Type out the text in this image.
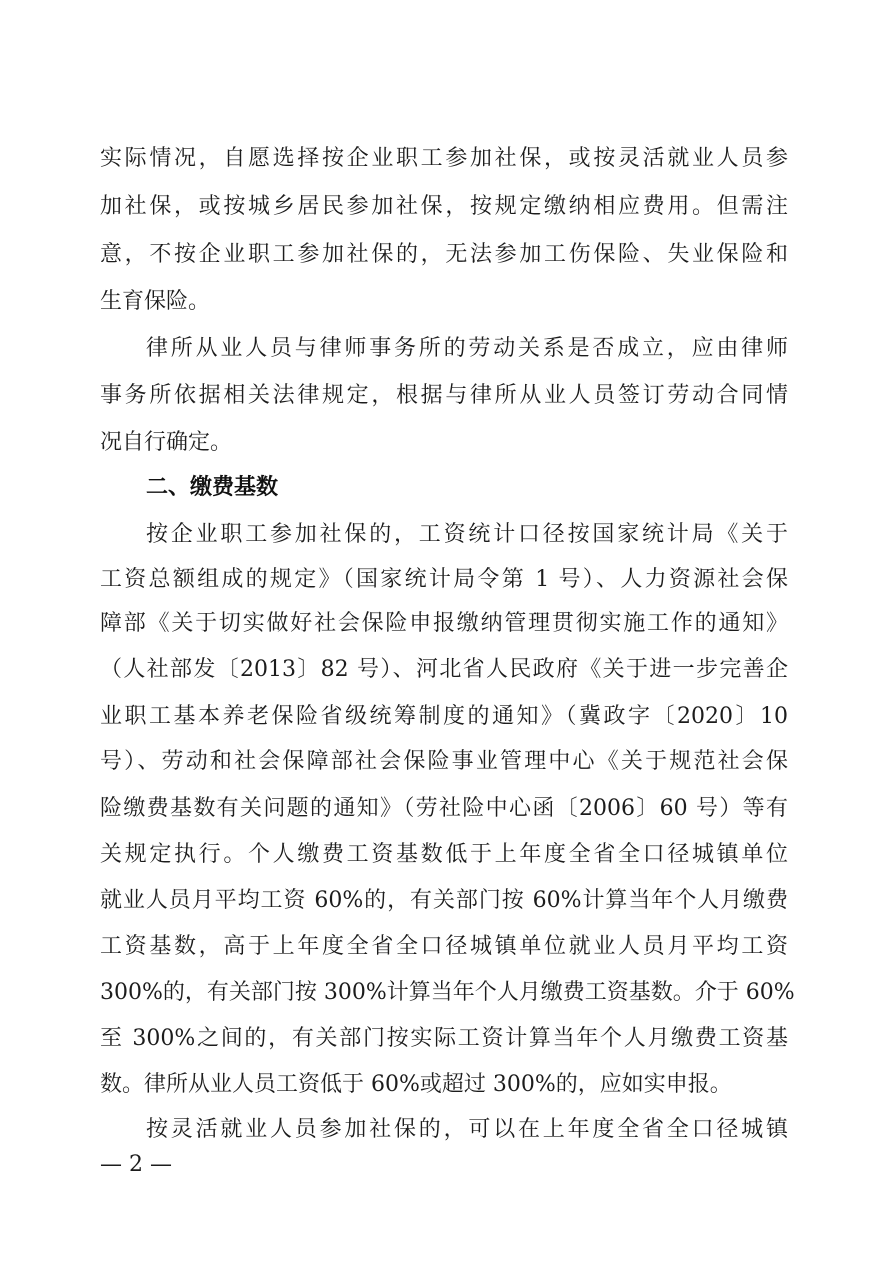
实际情况，自愿选择按企业职工参加社保，或按灵活就业人员参
加社保，或按城乡居民参加社保，按规定缴纳相应费用。但需注
意，不按企业职工参加社保的，无法参加工伤保险、失业保险和
生育保险。
律所从业人员与律师事务所的劳动关系是否成立，应由律师
事务所依据相关法律规定，根据与律所从业人员签订劳动合同情
况自行确定。
二、缴费基数
按企业职工参加社保的，工资统计口径按国家统计局《关于
工资总额组成的规定》（国家统计局令第 1 号）、人力资源社会保
障部《关于切实做好社会保险申报缴纳管理贯彻实施工作的通知》
（人社部发〔2013〕82 号）、河北省人民政府《关于进一步完善企
业职工基本养老保险省级统筹制度的通知》（冀政字〔2020〕10
号）、劳动和社会保障部社会保险事业管理中心《关于规范社会保
险缴费基数有关问题的通知》（劳社险中心函〔2006〕60 号）等有
关规定执行。个人缴费工资基数低于上年度全省全口径城镇单位
就业人员月平均工资 60%的，有关部门按 60%计算当年个人月缴费
工资基数，高于上年度全省全口径城镇单位就业人员月平均工资
300%的，有关部门按 300%计算当年个人月缴费工资基数。介于 60%
至 300%之间的，有关部门按实际工资计算当年个人月缴费工资基
数。律所从业人员工资低于 60%或超过 300%的，应如实申报。
按灵活就业人员参加社保的，可以在上年度全省全口径城镇
— 2 —
